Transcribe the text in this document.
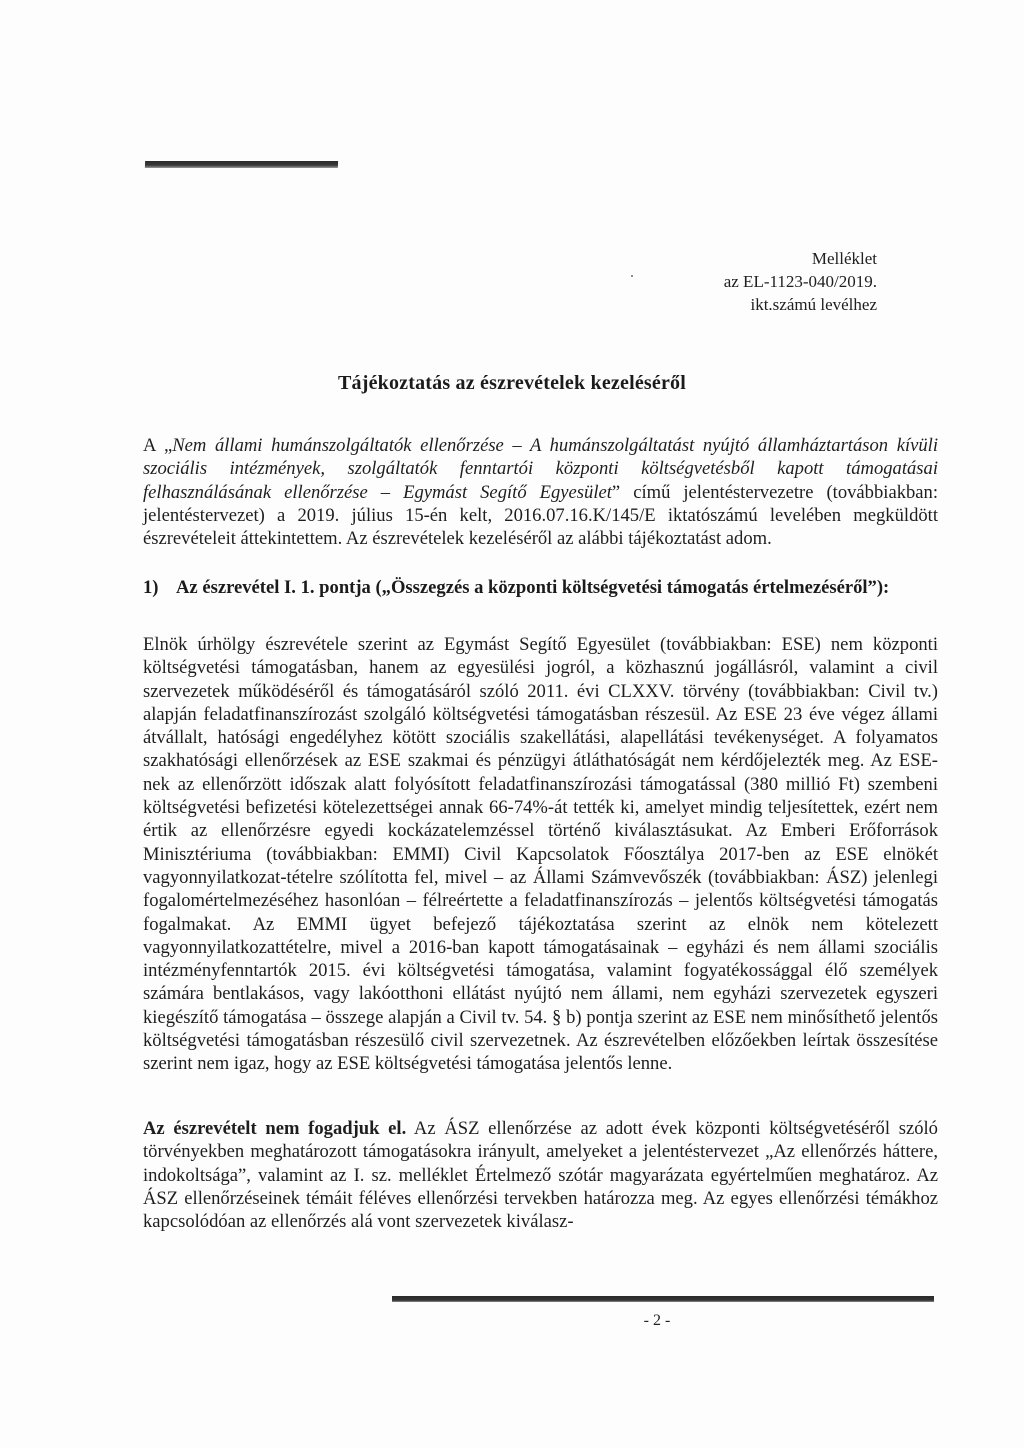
Melléklet
az EL-1123-040/2019.
ikt.számú levélhez
Tájékoztatás az észrevételek kezeléséről
A „Nem állami humánszolgáltatók ellenőrzése – A humánszolgáltatást nyújtó államháztartáson kívüli szociális intézmények, szolgáltatók fenntartói központi költségvetésből kapott támogatásai felhasználásának ellenőrzése – Egymást Segítő Egyesület” című jelentéstervezetre (továbbiakban: jelentéstervezet) a 2019. július 15-én kelt, 2016.07.16.K/145/E iktatószámú levelében megküldött észrevételeit áttekintettem. Az észrevételek kezeléséről az alábbi tájékoztatást adom.
1) Az észrevétel I. 1. pontja („Összegzés a központi költségvetési támogatás értelmezéséről”):
Elnök úrhölgy észrevétele szerint az Egymást Segítő Egyesület (továbbiakban: ESE) nem központi költségvetési támogatásban, hanem az egyesülési jogról, a közhasznú jogállásról, valamint a civil szervezetek működéséről és támogatásáról szóló 2011. évi CLXXV. törvény (továbbiakban: Civil tv.) alapján feladatfinanszírozást szolgáló költségvetési támogatásban részesül. Az ESE 23 éve végez állami átvállalt, hatósági engedélyhez kötött szociális szakellátási, alapellátási tevékenységet. A folyamatos szakhatósági ellenőrzések az ESE szakmai és pénzügyi átláthatóságát nem kérdőjelezték meg. Az ESE-nek az ellenőrzött időszak alatt folyósított feladatfinanszírozási támogatással (380 millió Ft) szembeni költségvetési befizetési kötelezettségei annak 66-74%-át tették ki, amelyet mindig teljesítettek, ezért nem értik az ellenőrzésre egyedi kockázatelemzéssel történő kiválasztásukat. Az Emberi Erőforrások Minisztériuma (továbbiakban: EMMI) Civil Kapcsolatok Főosztálya 2017-ben az ESE elnökét vagyonnyilatkozat-tételre szólította fel, mivel – az Állami Számvevőszék (továbbiakban: ÁSZ) jelenlegi fogalomértelmezéséhez hasonlóan – félreértette a feladatfinanszírozás – jelentős költségvetési támogatás fogalmakat. Az EMMI ügyet befejező tájékoztatása szerint az elnök nem kötelezett vagyonnyilatkozattételre, mivel a 2016-ban kapott támogatásainak – egyházi és nem állami szociális intézményfenntartók 2015. évi költségvetési támogatása, valamint fogyatékossággal élő személyek számára bentlakásos, vagy lakóotthoni ellátást nyújtó nem állami, nem egyházi szervezetek egyszeri kiegészítő támogatása – összege alapján a Civil tv. 54. § b) pontja szerint az ESE nem minősíthető jelentős költségvetési támogatásban részesülő civil szervezetnek. Az észrevételben előzőekben leírtak összesítése szerint nem igaz, hogy az ESE költségvetési támogatása jelentős lenne.
Az észrevételt nem fogadjuk el. Az ÁSZ ellenőrzése az adott évek központi költségvetéséről szóló törvényekben meghatározott támogatásokra irányult, amelyeket a jelentéstervezet „Az ellenőrzés háttere, indokoltsága”, valamint az I. sz. melléklet Értelmező szótár magyarázata egyértelműen meghatároz. Az ÁSZ ellenőrzéseinek témáit féléves ellenőrzési tervekben határozza meg. Az egyes ellenőrzési témákhoz kapcsolódóan az ellenőrzés alá vont szervezetek kiválasz-
- 2 -
